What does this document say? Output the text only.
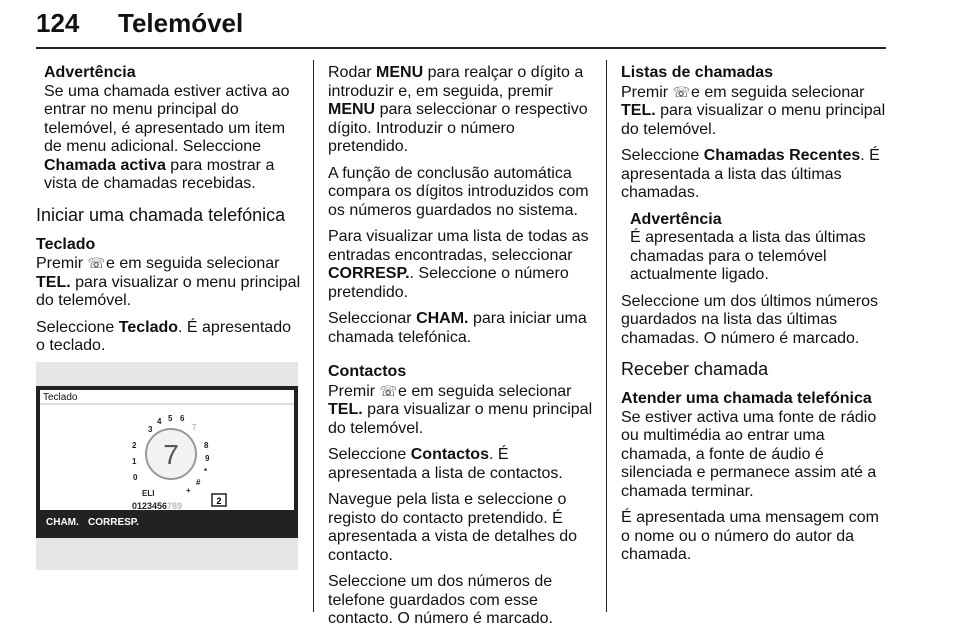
124 Telemóvel
Advertência
Se uma chamada estiver activa ao entrar no menu principal do telemóvel, é apresentado um item de menu adicional. Seleccione Chamada activa para mostrar a vista de chamadas recebidas.
Iniciar uma chamada telefónica
Teclado

Premir ☏ e em seguida selecionar TEL. para visualizar o menu principal do telemóvel.

Seleccione Teclado. É apresentado o teclado.

Teclado
7
3
4 5 6
7
2
1
0
8
9
*
#
+
ELI
0123456 789	2
CHAM. CORRESP.

Rodar MENU para realçar o dígito a introduzir e, em seguida, premir MENU para seleccionar o respectivo dígito. Introduzir o número pretendido.

A função de conclusão automática compara os dígitos introduzidos com os números guardados no sistema.

Para visualizar uma lista de todas as entradas encontradas, seleccionar CORRESP.. Seleccione o número pretendido.

Seleccionar CHAM. para iniciar uma chamada telefónica.

Contactos

Premir ☏ e em seguida selecionar TEL. para visualizar o menu principal do telemóvel.

Seleccione Contactos. É apresentada a lista de contactos.

Navegue pela lista e seleccione o registo do contacto pretendido. É apresentada a vista de detalhes do contacto.

Seleccione um dos números de telefone guardados com esse contacto. O número é marcado.

Listas de chamadas

Premir ☏ e em seguida selecionar TEL. para visualizar o menu principal do telemóvel.

Seleccione Chamadas Recentes. É apresentada a lista das últimas chamadas.

Advertência
É apresentada a lista das últimas chamadas para o telemóvel actualmente ligado.

Seleccione um dos últimos números guardados na lista das últimas chamadas. O número é marcado.

Receber chamada
Atender uma chamada telefónica

Se estiver activa uma fonte de rádio ou multimédia ao entrar uma chamada, a fonte de áudio é silenciada e permanece assim até a chamada terminar.

É apresentada uma mensagem com o nome ou o número do autor da chamada.
